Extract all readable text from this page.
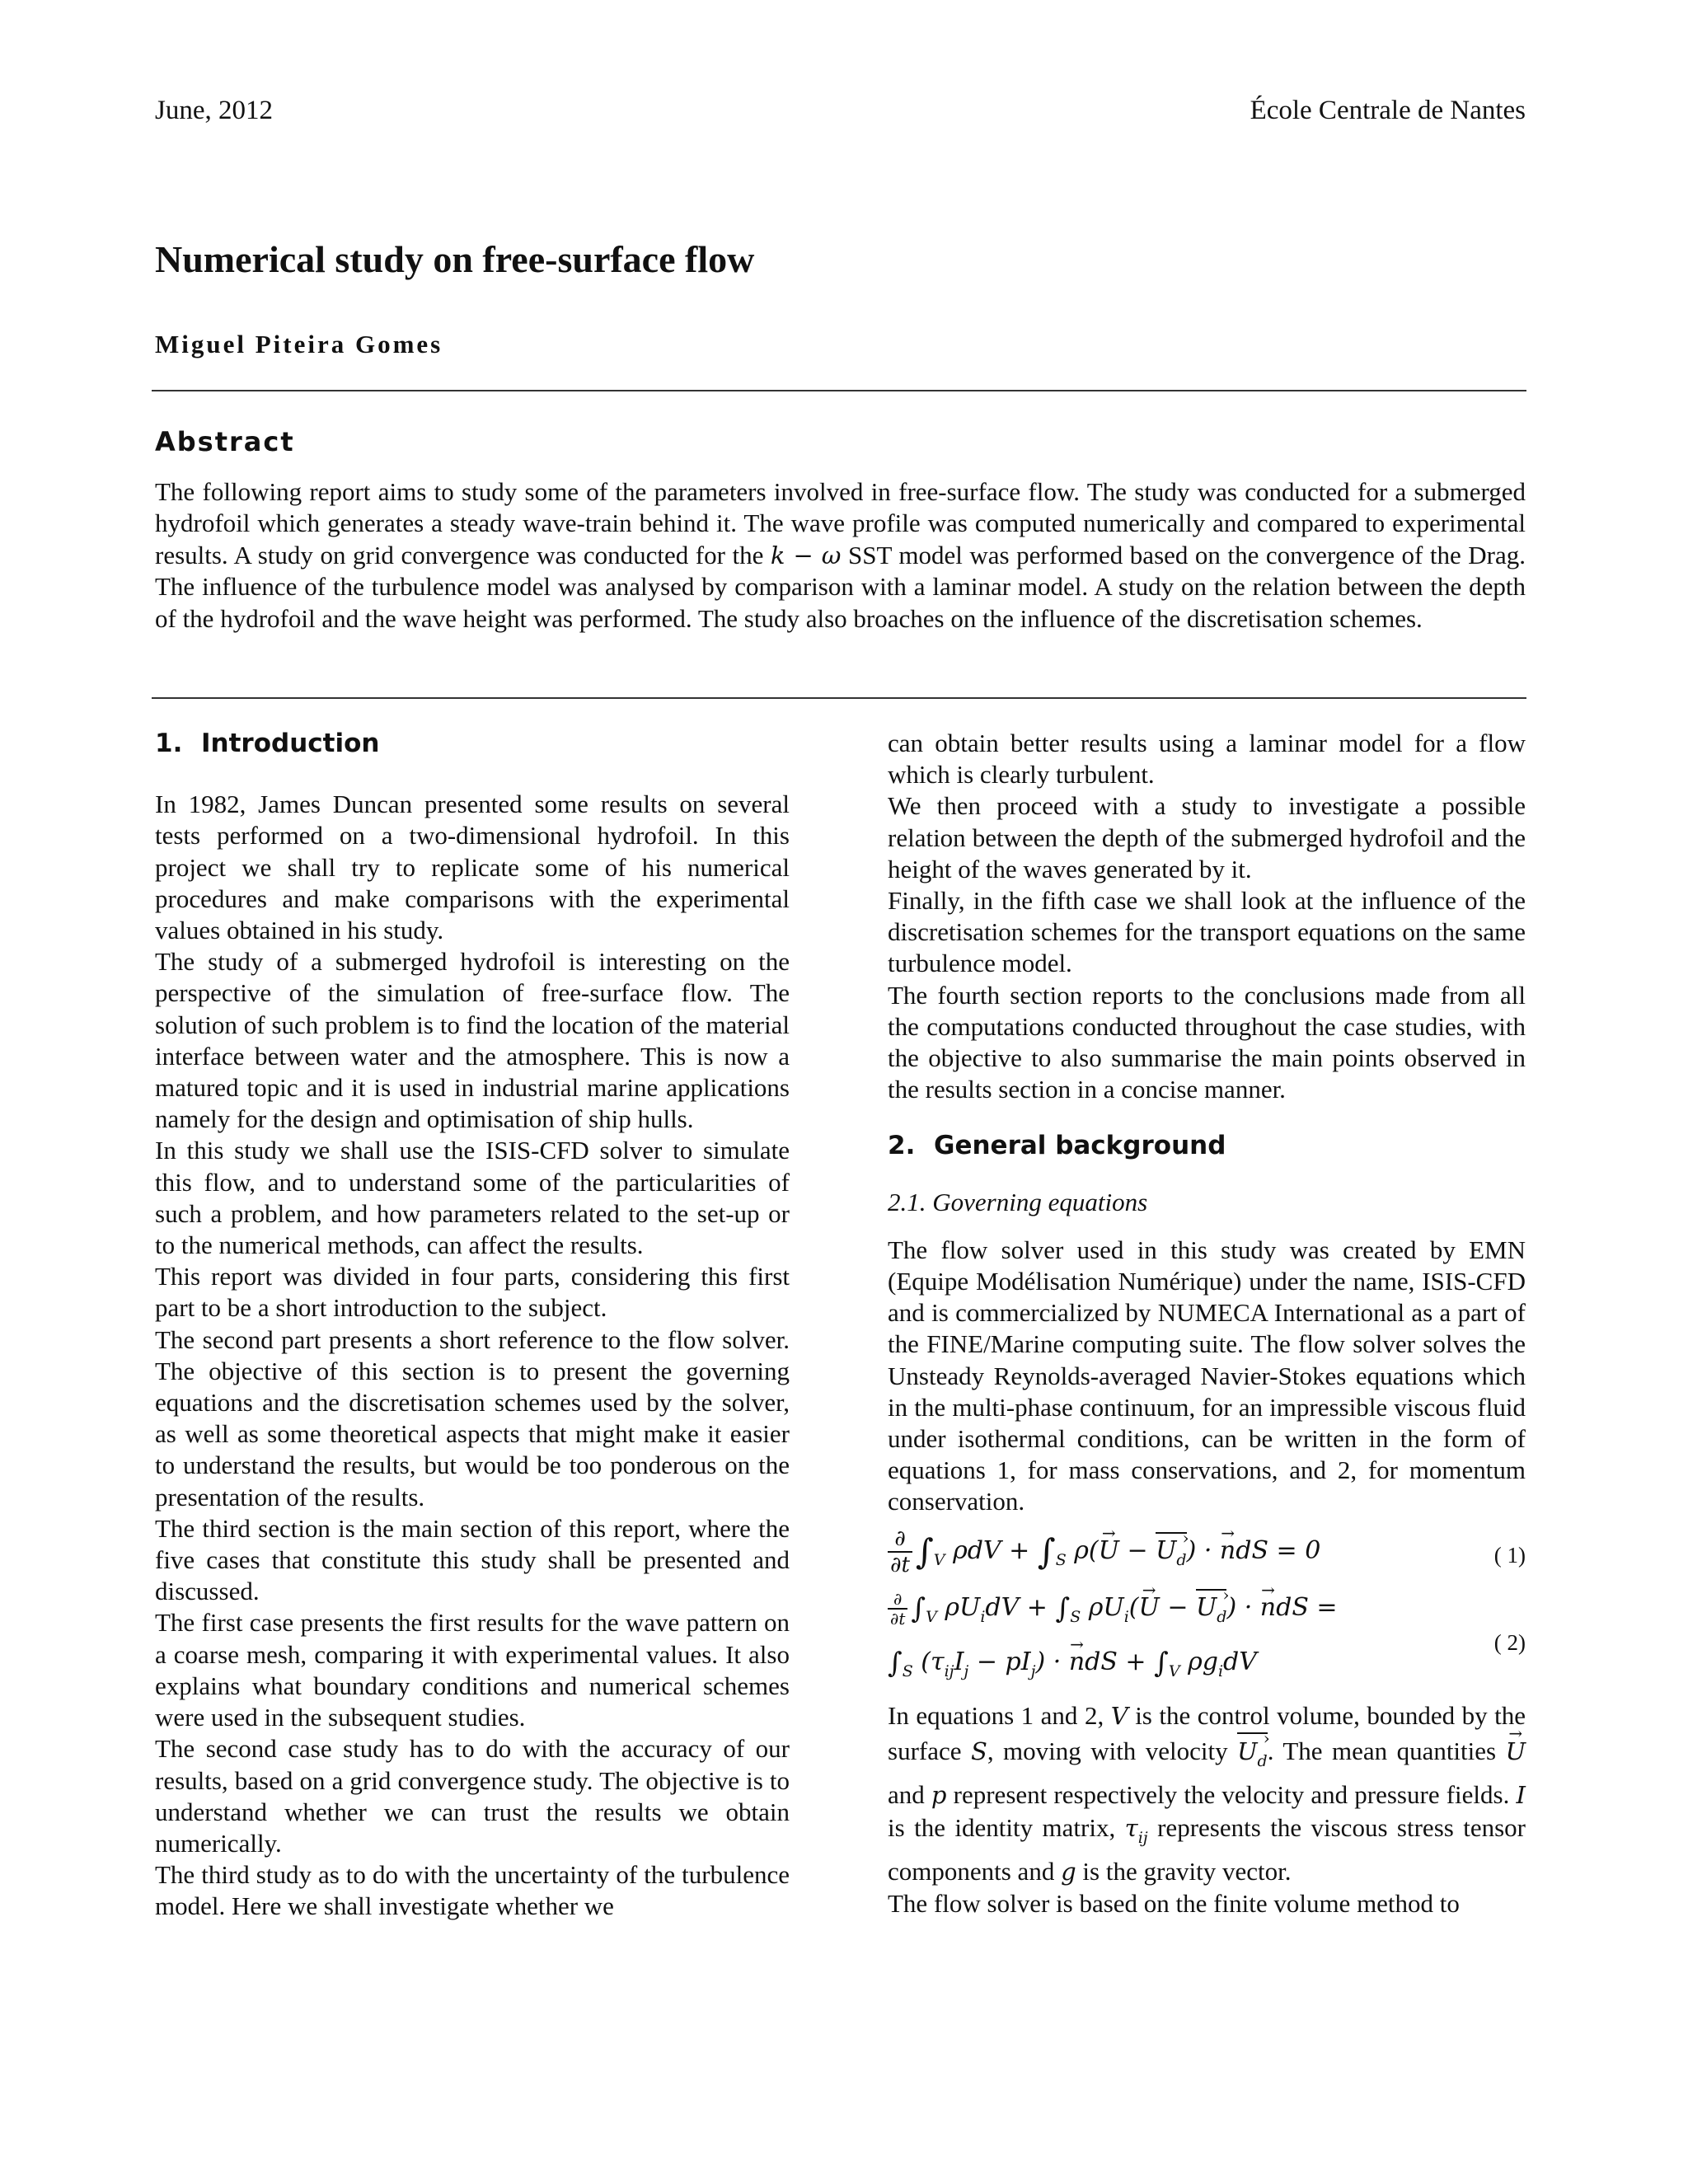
June, 2012	École Centrale de Nantes
Numerical study on free-surface flow
Miguel Piteira Gomes
Abstract
The following report aims to study some of the parameters involved in free-surface flow. The study was conducted for a submerged hydrofoil which generates a steady wave-train behind it. The wave profile was computed numerically and compared to experimental results. A study on grid convergence was conducted for the k − ω SST model was performed based on the convergence of the Drag. The influence of the turbulence model was analysed by comparison with a laminar model. A study on the relation between the depth of the hydrofoil and the wave height was performed. The study also broaches on the influence of the discretisation schemes.
1. Introduction

In 1982, James Duncan presented some results on several tests performed on a two-dimensional hydrofoil. In this project we shall try to replicate some of his numerical procedures and make comparisons with the experimental values obtained in his study.

The study of a submerged hydrofoil is interesting on the perspective of the simulation of free-surface flow. The solution of such problem is to find the location of the material interface between water and the atmosphere. This is now a matured topic and it is used in industrial marine applications namely for the design and optimisation of ship hulls.

In this study we shall use the ISIS-CFD solver to simulate this flow, and to understand some of the particularities of such a problem, and how parameters related to the set-up or to the numerical methods, can affect the results.

This report was divided in four parts, considering this first part to be a short introduction to the subject.

The second part presents a short reference to the flow solver. The objective of this section is to present the governing equations and the discretisation schemes used by the solver, as well as some theoretical aspects that might make it easier to understand the results, but would be too ponderous on the presentation of the results.

The third section is the main section of this report, where the five cases that constitute this study shall be presented and discussed.

The first case presents the first results for the wave pattern on a coarse mesh, comparing it with experimental values. It also explains what boundary conditions and numerical schemes were used in the subsequent studies.

The second case study has to do with the accuracy of our results, based on a grid convergence study. The objective is to understand whether we can trust the results we obtain numerically.

The third study as to do with the uncertainty of the turbulence model. Here we shall investigate whether we

can obtain better results using a laminar model for a flow which is clearly turbulent.

We then proceed with a study to investigate a possible relation between the depth of the submerged hydrofoil and the height of the waves generated by it.

Finally, in the fifth case we shall look at the influence of the discretisation schemes for the transport equations on the same turbulence model.

The fourth section reports to the conclusions made from all the computations conducted throughout the case studies, with the objective to also summarise the main points observed in the results section in a concise manner.

2. General background
2.1. Governing equations

The flow solver used in this study was created by EMN (Equipe Modélisation Numérique) under the name, ISIS-CFD and is commercialized by NUMECA International as a part of the FINE/Marine computing suite. The flow solver solves the Unsteady Reynolds-averaged Navier-Stokes equations which in the multi-phase continuum, for an impressible viscous fluid under isothermal conditions, can be written in the form of equations 1, for mass conservations, and 2, for momentum conservation.

$\frac{\partial}{\partial t} \int_V$ $\rho dV + \int_S$ ρ(U → − $U_d$ ›) · n →dS = 0	( 1)
$\frac{\partial}{\partial t} \int_V$ $\rho U_idV + \int_S$ $\rho U_i(U$ → − $U_d$ ›) · n →dS =
$\int_S$ $(\tau_{ij}I_j - pI_j) \cdot n \to dS + \int_V$ $\rho g_idV$
( 2)

In equations 1 and 2, V is the control volume, bounded by the surface S, moving with velocity $U_d$ ›. The mean quantities U → and p represent respectively the velocity and pressure fields. I is the identity matrix, $\tau_{ij}$ represents the viscous stress tensor components and g is the gravity vector.

The flow solver is based on the finite volume method to
